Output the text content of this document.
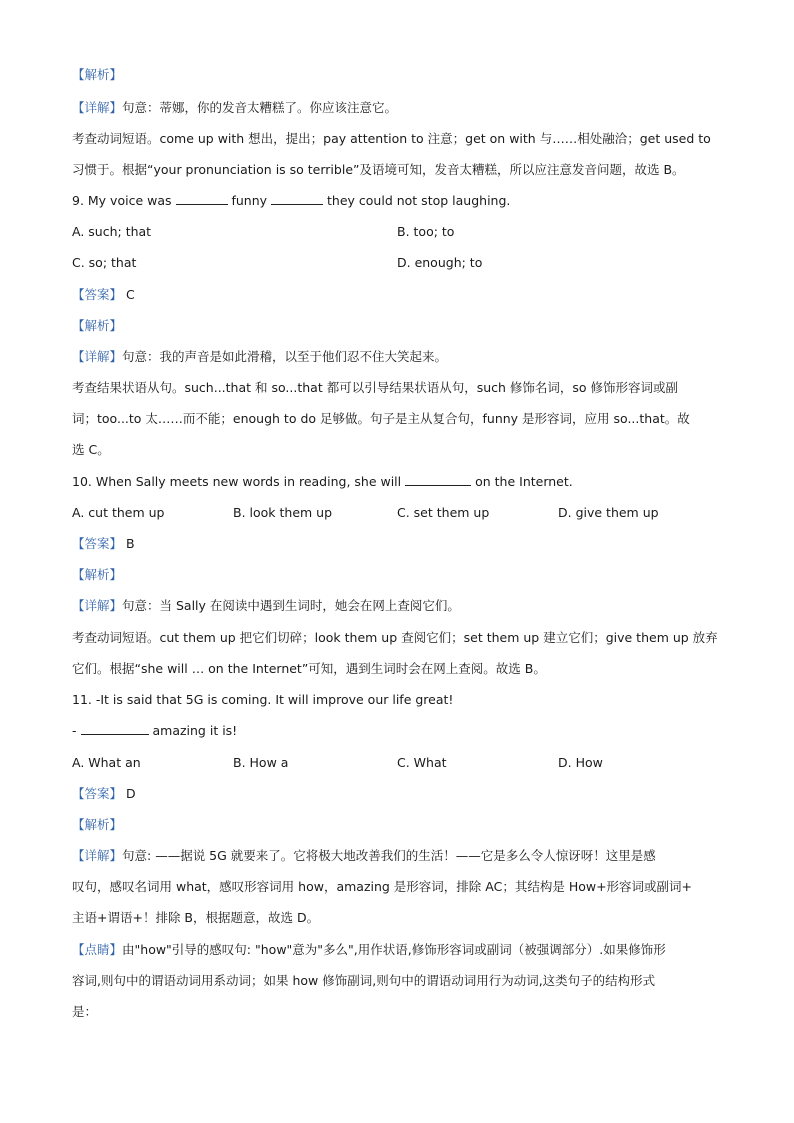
【解析】
【详解】句意：蒂娜，你的发音太糟糕了。你应该注意它。
考查动词短语。come up with 想出，提出；pay attention to 注意；get on with 与……相处融洽；get used to
习惯于。根据“your pronunciation is so terrible”及语境可知，发音太糟糕，所以应注意发音问题，故选 B。
9. My voice was	funny	they could not stop laughing.
A. such; that	B. too; to
C. so; that	D. enough; to
【答案】 C
【解析】
【详解】句意：我的声音是如此滑稽，以至于他们忍不住大笑起来。
考查结果状语从句。such...that 和 so...that 都可以引导结果状语从句，such 修饰名词，so 修饰形容词或副
词；too...to 太……而不能；enough to do 足够做。句子是主从复合句，funny 是形容词，应用 so...that。故
选 C。
10. When Sally meets new words in reading, she will	on the Internet.
A. cut them up	B. look them up	C. set them up	D. give them up
【答案】 B
【解析】
【详解】句意：当 Sally 在阅读中遇到生词时，她会在网上查阅它们。
考查动词短语。cut them up 把它们切碎；look them up 查阅它们；set them up 建立它们；give them up 放弃
它们。根据“she will … on the Internet”可知，遇到生词时会在网上查阅。故选 B。
11. -It is said that 5G is coming. It will improve our life great!
-	amazing it is!
A. What an	B. How a	C. What	D. How
【答案】 D
【解析】
【详解】句意: ——据说 5G 就要来了。它将极大地改善我们的生活！——它是多么令人惊讶呀！这里是感
叹句，感叹名词用 what，感叹形容词用 how，amazing 是形容词，排除 AC；其结构是 How+形容词或副词+
主语+谓语+！排除 B，根据题意，故选 D。
【点睛】由"how"引导的感叹句: "how"意为"多么",用作状语,修饰形容词或副词（被强调部分）.如果修饰形
容词,则句中的谓语动词用系动词；如果 how 修饰副词,则句中的谓语动词用行为动词,这类句子的结构形式
是：
